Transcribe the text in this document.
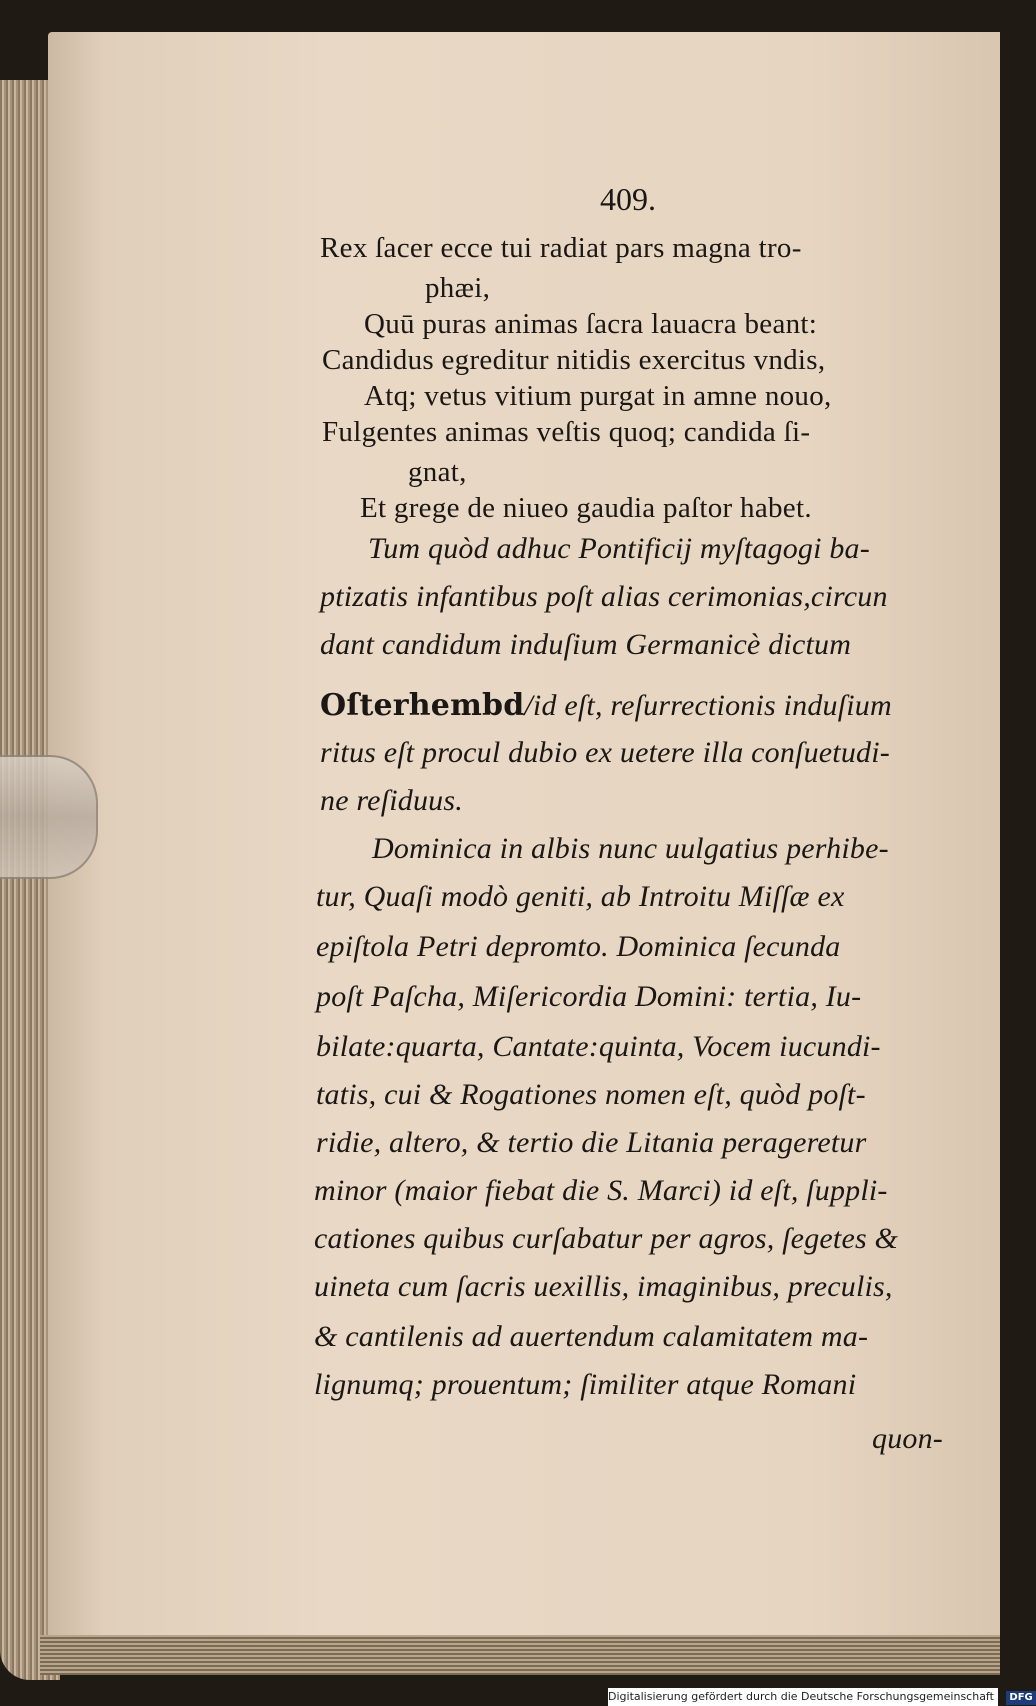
409.
Rex ſacer ecce tui radiat pars magna tro‑
phæi,
Quū puras animas ſacra lauacra beant:
Candidus egreditur nitidis exercitus vndis,
Atq; vetus vitium purgat in amne nouo,
Fulgentes animas veſtis quoq; candida ſi‑
gnat,
Et grege de niueo gaudia paſtor habet.
Tum quòd adhuc Pontificij myſtagogi ba‑
ptizatis infantibus poſt alias cerimonias,circun
dant candidum induſium Germanicè dictum
Oſterhembd/id eſt, reſurrectionis induſium
ritus eſt procul dubio ex uetere illa conſuetudi‑
ne reſiduus.
Dominica in albis nunc uulgatius perhibe‑
tur, Quaſi modò geniti, ab Introitu Miſſæ ex
epiſtola Petri depromto. Dominica ſecunda
poſt Paſcha, Miſericordia Domini: tertia, Iu‑
bilate:quarta, Cantate:quinta, Vocem iucundi‑
tatis, cui & Rogationes nomen eſt, quòd poſt‑
ridie, altero, & tertio die Litania perageretur
minor (maior fiebat die S. Marci) id eſt, ſuppli‑
cationes quibus curſabatur per agros, ſegetes &
uineta cum ſacris uexillis, imaginibus, preculis,
& cantilenis ad auertendum calamitatem ma‑
lignumq; prouentum; ſimiliter atque Romani
quon‑
Digitalisierung gefördert durch die Deutsche Forschungsgemeinschaft · DFG
